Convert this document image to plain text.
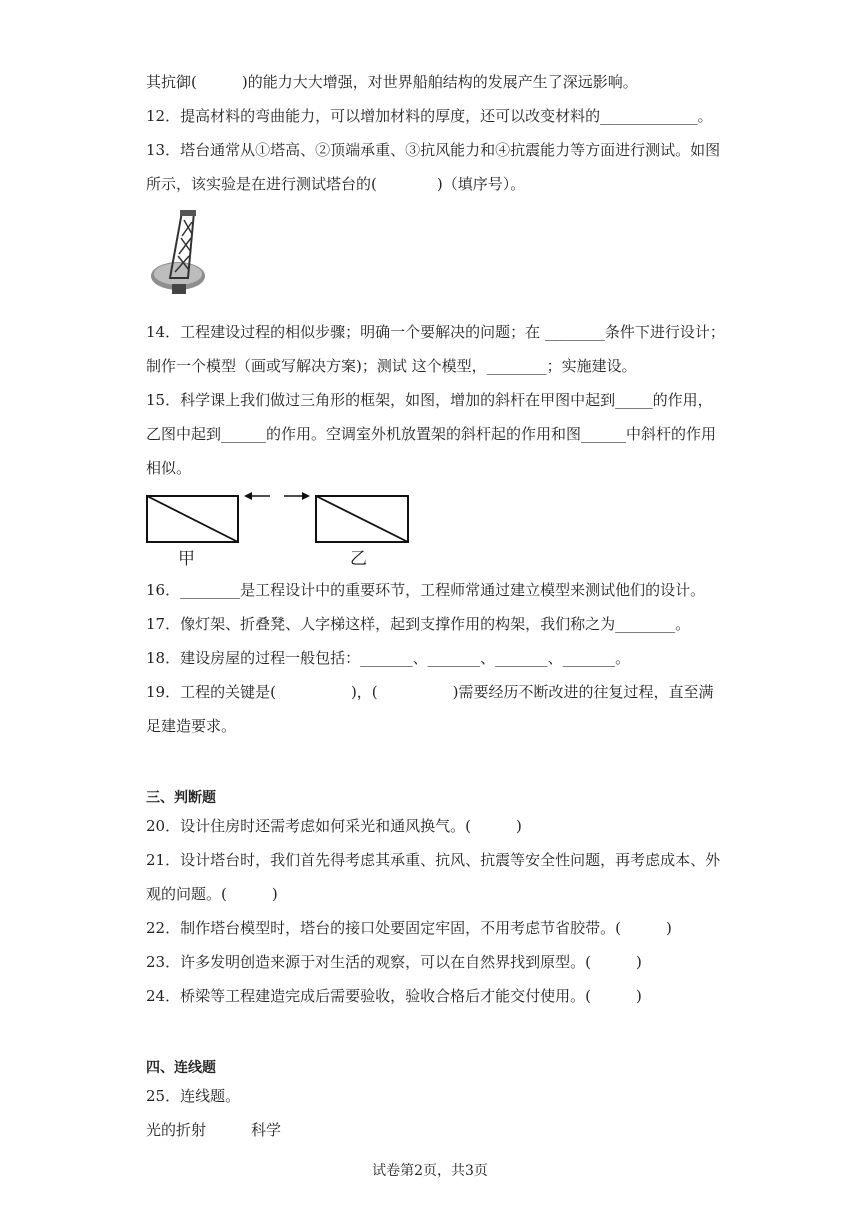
其抗御(　　　)的能力大大增强，对世界船舶结构的发展产生了深远影响。
12．提高材料的弯曲能力，可以增加材料的厚度，还可以改变材料的_____________。
13．塔台通常从①塔高、②顶端承重、③抗风能力和④抗震能力等方面进行测试。如图
所示，该实验是在进行测试塔台的(　　　　)（填序号）。
14．工程建设过程的相似步骤；明确一个要解决的问题；在 ________条件下进行设计；
制作一个模型（画或写解决方案)；测试 这个模型，________；实施建设。
15．科学课上我们做过三角形的框架，如图，增加的斜杆在甲图中起到_____的作用，
乙图中起到______的作用。空调室外机放置架的斜杆起的作用和图______中斜杆的作用
相似。
甲	乙
16．________是工程设计中的重要环节，工程师常通过建立模型来测试他们的设计。
17．像灯架、折叠凳、人字梯这样，起到支撑作用的构架，我们称之为________。
18．建设房屋的过程一般包括：_______、_______、_______、_______。
19．工程的关键是(　　　　　)，(　　　　　)需要经历不断改进的往复过程，直至满
足建造要求。
三、判断题
20．设计住房时还需考虑如何采光和通风换气。(　　　)
21．设计塔台时，我们首先得考虑其承重、抗风、抗震等安全性问题，再考虑成本、外
观的问题。(　　　)
22．制作塔台模型时，塔台的接口处要固定牢固，不用考虑节省胶带。(　　　)
23．许多发明创造来源于对生活的观察，可以在自然界找到原型。(　　　)
24．桥梁等工程建造完成后需要验收，验收合格后才能交付使用。(　　　)
四、连线题
25．连线题。
光的折射　　　科学
试卷第2页，共3页
